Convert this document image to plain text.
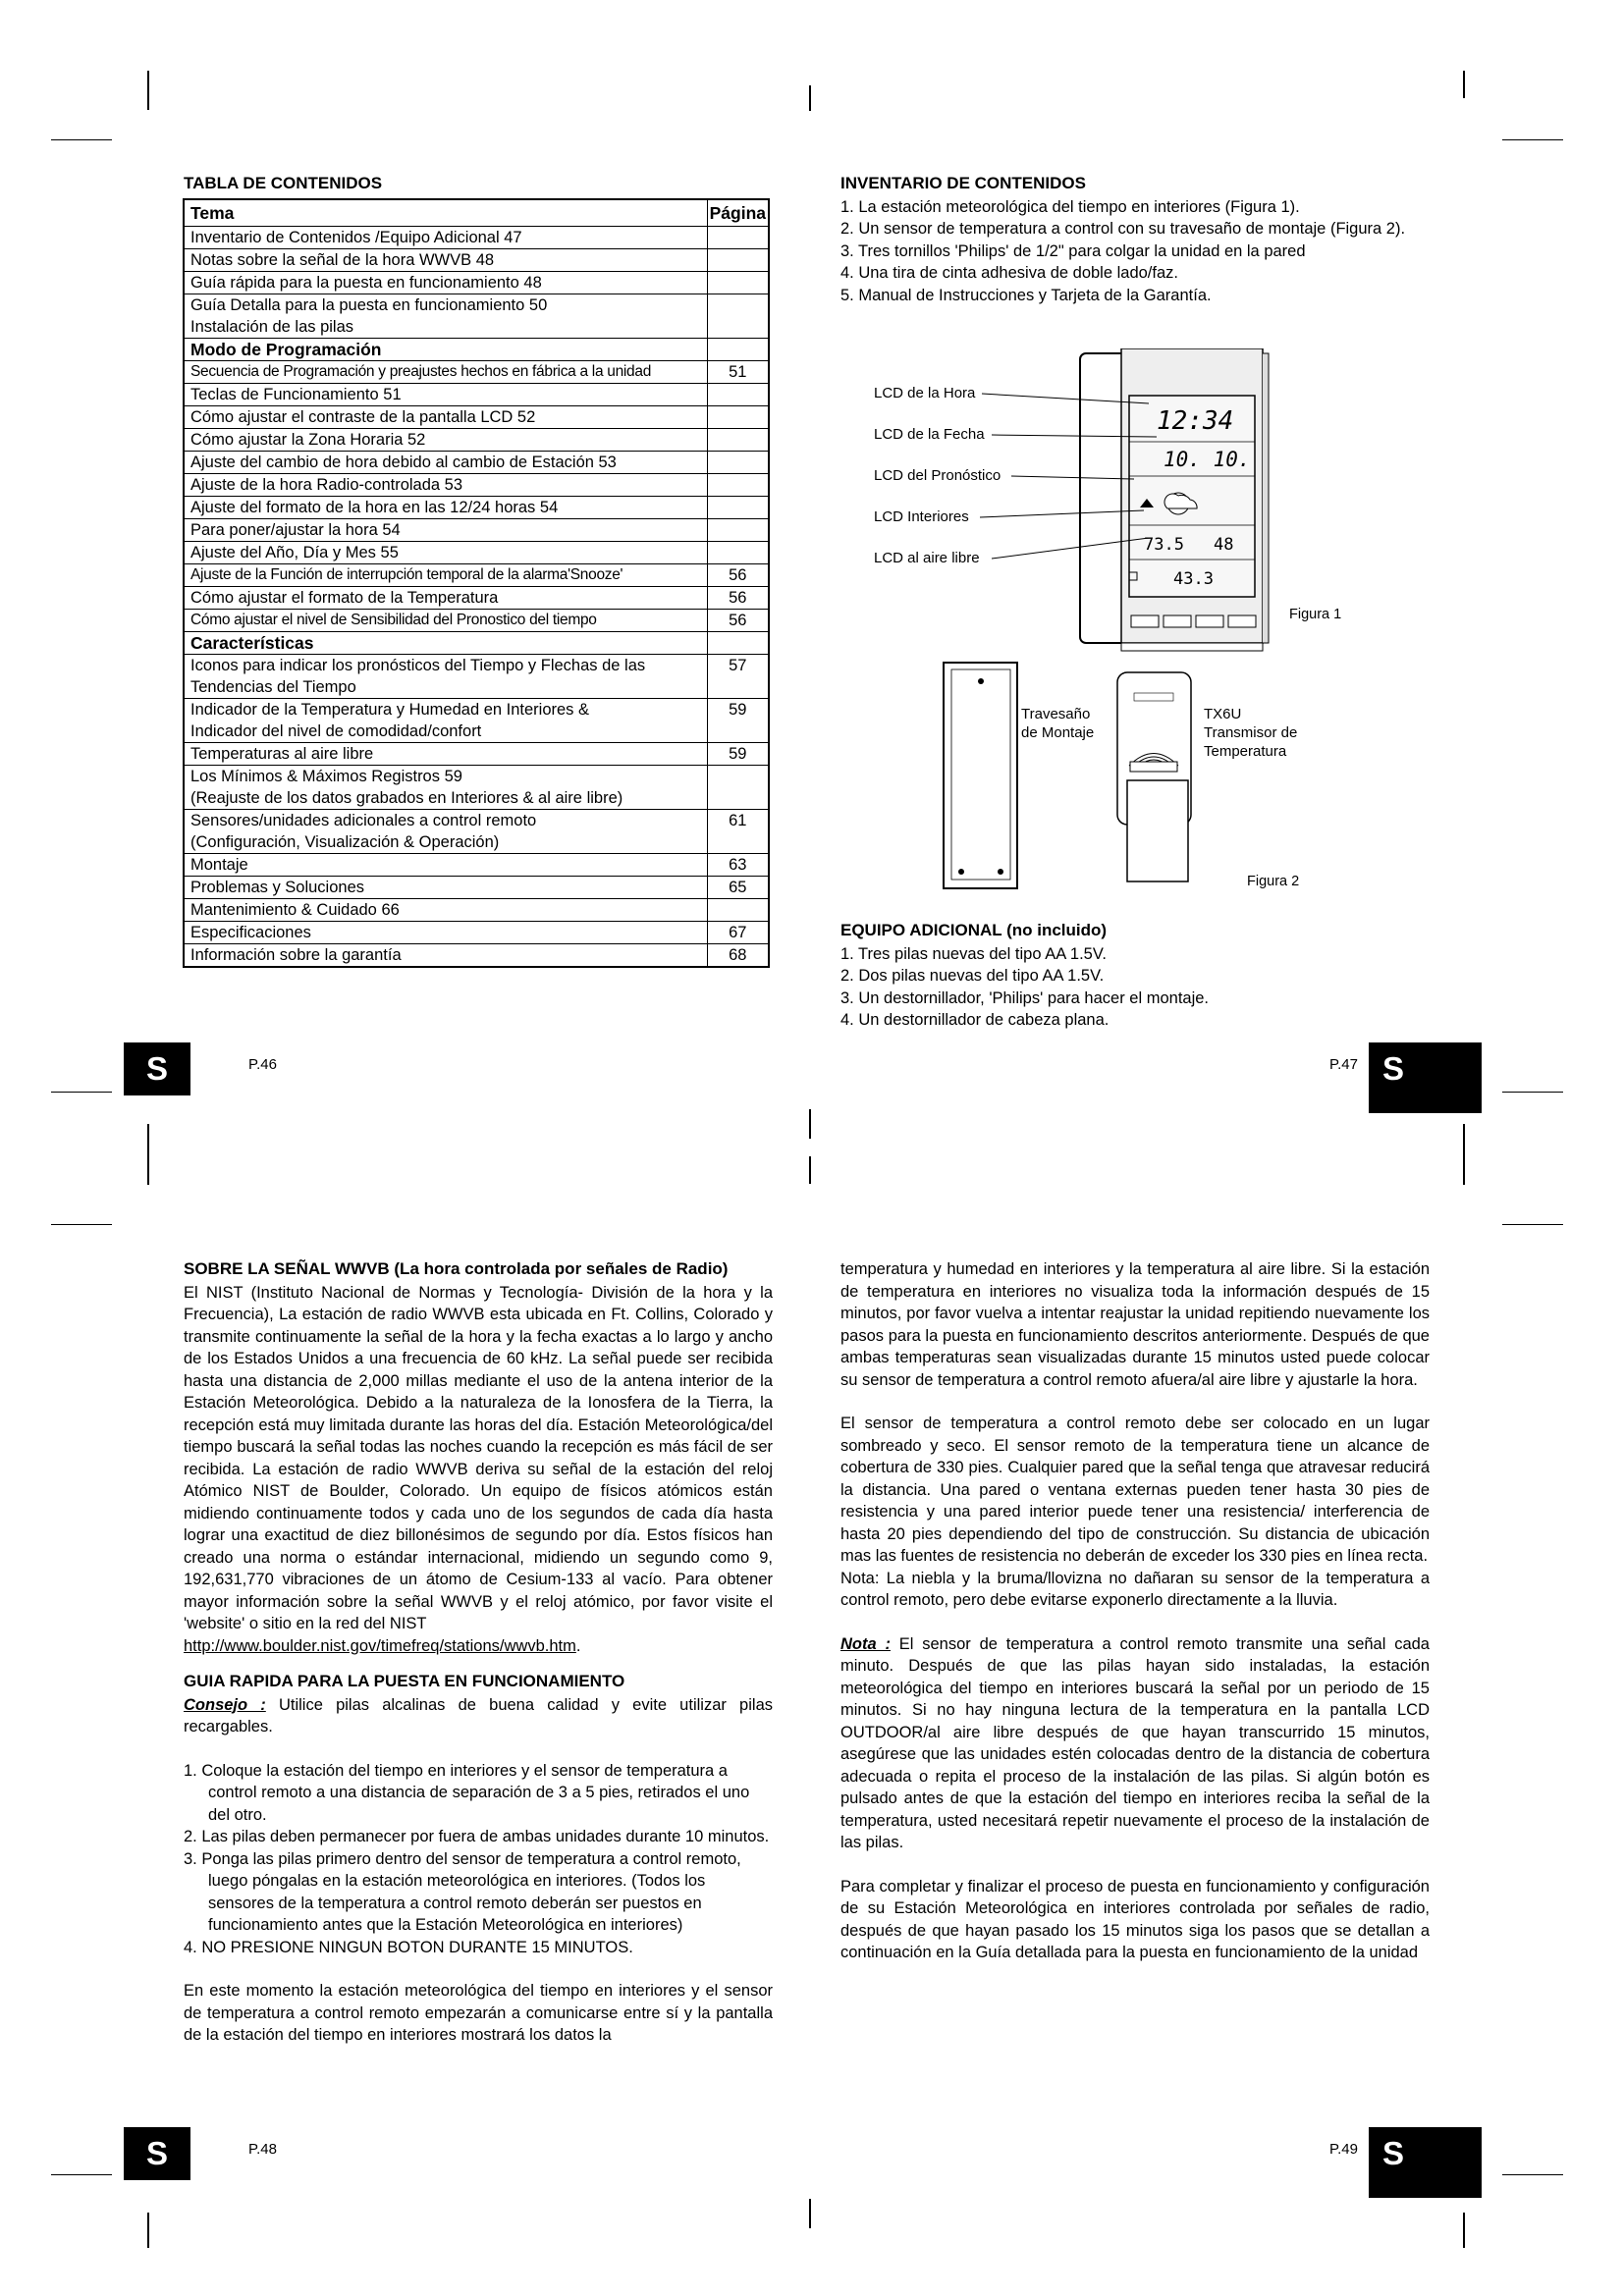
TABLA DE CONTENIDOS
Tema	Página
Inventario de Contenidos /Equipo Adicional 47	
Notas sobre la señal de la hora WWVB 48	
Guía rápida para la puesta en funcionamiento 48	
Guía Detalla para la puesta en funcionamiento 50	
Instalación de las pilas	
Modo de Programación	
Secuencia de Programación y preajustes hechos en fábrica a la unidad	51
Teclas de Funcionamiento 51	
Cómo ajustar el contraste de la pantalla LCD 52	
Cómo ajustar la Zona Horaria 52	
Ajuste del cambio de hora debido al cambio de Estación 53	
Ajuste de la hora Radio-controlada 53	
Ajuste del formato de la hora en las 12/24 horas 54	
Para poner/ajustar la hora 54	
Ajuste del Año, Día y Mes 55	
Ajuste de la Función de interrupción temporal de la alarma'Snooze'	56
Cómo ajustar el formato de la Temperatura	56
Cómo ajustar el nivel de Sensibilidad del Pronostico del tiempo	56
Características	
Iconos para indicar los pronósticos del Tiempo y Flechas de las	57
Tendencias del Tiempo	
Indicador de la Temperatura y Humedad en Interiores &	59
Indicador del nivel de comodidad/confort	
Temperaturas al aire libre	59
Los Mínimos & Máximos Registros 59	
(Reajuste de los datos grabados en Interiores & al aire libre)	
Sensores/unidades adicionales a control remoto	61
(Configuración, Visualización & Operación)	
Montaje	63
Problemas y Soluciones	65
Mantenimiento & Cuidado 66	
Especificaciones	67
Información sobre la garantía	68
S	P.46
INVENTARIO DE CONTENIDOS

1. La estación meteorológica del tiempo en interiores (Figura 1).

2. Un sensor de temperatura a control con su travesaño de montaje (Figura 2).

3. Tres tornillos 'Philips' de 1/2" para colgar la unidad en la pared

4. Una tira de cinta adhesiva de doble lado/faz.

5. Manual de Instrucciones y Tarjeta de la Garantía.

12:34
10. 10.
73.5 48
43.3
LCD de la Hora
LCD de la Fecha
LCD del Pronóstico
LCD Interiores
LCD al aire libre
Figura 1
Travesaño
de Montaje
TX6U
Transmisor de
Temperatura
Figura 2
EQUIPO ADICIONAL (no incluido)

1. Tres pilas nuevas del tipo AA 1.5V.

2. Dos pilas nuevas del tipo AA 1.5V.

3. Un destornillador, 'Philips' para hacer el montaje.

4. Un destornillador de cabeza plana.

P.47 S
SOBRE LA SEÑAL WWVB (La hora controlada por señales de Radio)

El NIST (Instituto Nacional de Normas y Tecnología- División de la hora y la Frecuencia), La estación de radio WWVB esta ubicada en Ft. Collins, Colorado y transmite continuamente la señal de la hora y la fecha exactas a lo largo y ancho de los Estados Unidos a una frecuencia de 60 kHz. La señal puede ser recibida hasta una distancia de 2,000 millas mediante el uso de la antena interior de la Estación Meteorológica. Debido a la naturaleza de la Ionosfera de la Tierra, la recepción está muy limitada durante las horas del día. Estación Meteorológica/del tiempo buscará la señal todas las noches cuando la recepción es más fácil de ser recibida. La estación de radio WWVB deriva su señal de la estación del reloj Atómico NIST de Boulder, Colorado. Un equipo de físicos atómicos están midiendo continuamente todos y cada uno de los segundos de cada día hasta lograr una exactitud de diez billonésimos de segundo por día. Estos físicos han creado una norma o estándar internacional, midiendo un segundo como 9, 192,631,770 vibraciones de un átomo de Cesium-133 al vacío. Para obtener mayor información sobre la señal WWVB y el reloj atómico, por favor visite el 'website' o sitio en la red del NIST

http://www.boulder.nist.gov/timefreq/stations/wwvb.htm.

GUIA RAPIDA PARA LA PUESTA EN FUNCIONAMIENTO

Consejo : Utilice pilas alcalinas de buena calidad y evite utilizar pilas recargables.

1. Coloque la estación del tiempo en interiores y el sensor de temperatura a control remoto a una distancia de separación de 3 a 5 pies, retirados el uno del otro.

2. Las pilas deben permanecer por fuera de ambas unidades durante 10 minutos.

3. Ponga las pilas primero dentro del sensor de temperatura a control remoto, luego póngalas en la estación meteorológica en interiores. (Todos los sensores de la temperatura a control remoto deberán ser puestos en funcionamiento antes que la Estación Meteorológica en interiores)

4. NO PRESIONE NINGUN BOTON DURANTE 15 MINUTOS.

En este momento la estación meteorológica del tiempo en interiores y el sensor de temperatura a control remoto empezarán a comunicarse entre sí y la pantalla de la estación del tiempo en interiores mostrará los datos la

S	P.48

temperatura y humedad en interiores y la temperatura al aire libre. Si la estación de temperatura en interiores no visualiza toda la información después de 15 minutos, por favor vuelva a intentar reajustar la unidad repitiendo nuevamente los pasos para la puesta en funcionamiento descritos anteriormente. Después de que ambas temperaturas sean visualizadas durante 15 minutos usted puede colocar su sensor de temperatura a control remoto afuera/al aire libre y ajustarle la hora.

El sensor de temperatura a control remoto debe ser colocado en un lugar sombreado y seco. El sensor remoto de la temperatura tiene un alcance de cobertura de 330 pies. Cualquier pared que la señal tenga que atravesar reducirá la distancia. Una pared o ventana externas pueden tener hasta 30 pies de resistencia y una pared interior puede tener una resistencia/ interferencia de hasta 20 pies dependiendo del tipo de construcción. Su distancia de ubicación mas las fuentes de resistencia no deberán de exceder los 330 pies en línea recta.

Nota: La niebla y la bruma/llovizna no dañaran su sensor de la temperatura a control remoto, pero debe evitarse exponerlo directamente a la lluvia.

Nota : El sensor de temperatura a control remoto transmite una señal cada minuto. Después de que las pilas hayan sido instaladas, la estación meteorológica del tiempo en interiores buscará la señal por un periodo de 15 minutos. Si no hay ninguna lectura de la temperatura en la pantalla LCD OUTDOOR/al aire libre después de que hayan transcurrido 15 minutos, asegúrese que las unidades estén colocadas dentro de la distancia de cobertura adecuada o repita el proceso de la instalación de las pilas. Si algún botón es pulsado antes de que la estación del tiempo en interiores reciba la señal de la temperatura, usted necesitará repetir nuevamente el proceso de la instalación de las pilas.

Para completar y finalizar el proceso de puesta en funcionamiento y configuración de su Estación Meteorológica en interiores controlada por señales de radio, después de que hayan pasado los 15 minutos siga los pasos que se detallan a continuación en la Guía detallada para la puesta en funcionamiento de la unidad

P.49 S
